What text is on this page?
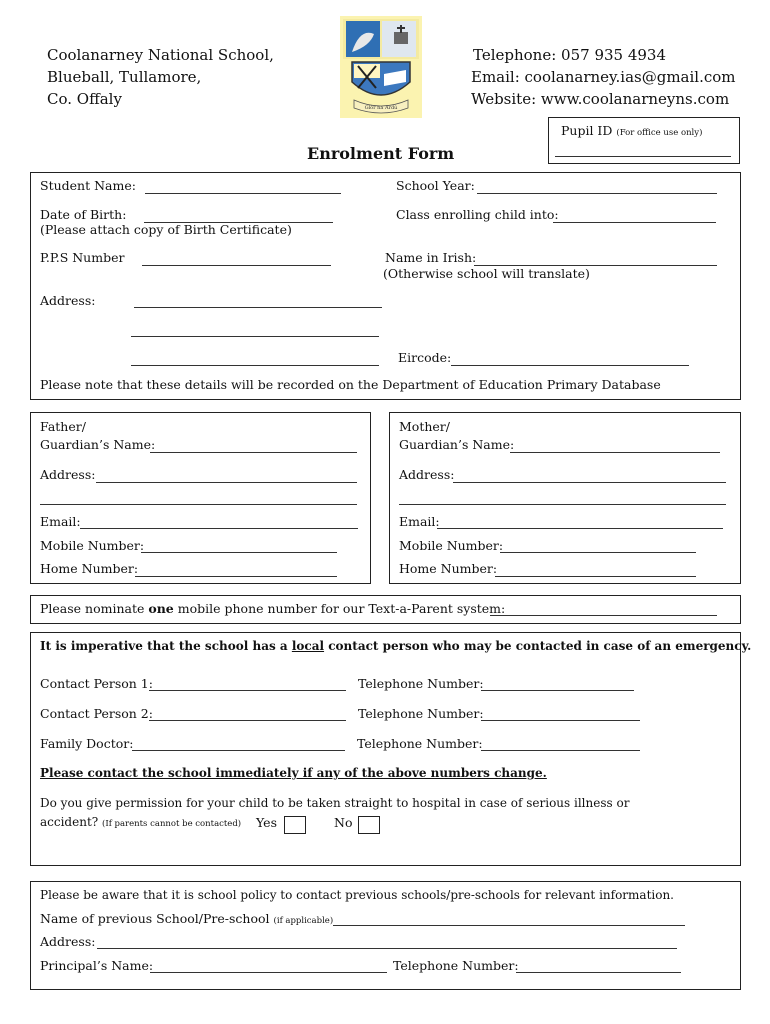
Coolanarney National School,
Blueball, Tullamore,
Co. Offaly	Glór na Ardú
Telephone: 057 935 4934
Email: coolanarney.ias@gmail.com
Website: www.coolanarneyns.com
Pupil ID (For office use only)
Enrolment Form
Student Name:	School Year:
Date of Birth:
(Please attach copy of Birth Certificate)
Class enrolling child into:
P.P.S Number	Name in Irish:
(Otherwise school will translate)
Address:
Eircode:
Please note that these details will be recorded on the Department of Education Primary Database
Father/
Guardian’s Name:
Address:
Email:
Mobile Number:
Home Number:
Mother/
Guardian’s Name:
Address:
Email:
Mobile Number:
Home Number:
Please nominate one mobile phone number for our Text-a-Parent system:
It is imperative that the school has a local contact person who may be contacted in case of an emergency.
Contact Person 1:	Telephone Number:
Contact Person 2:	Telephone Number:
Family Doctor:	Telephone Number:
Please contact the school immediately if any of the above numbers change.
Do you give permission for your child to be taken straight to hospital in case of serious illness or
accident? (If parents cannot be contacted) Yes	No
Please be aware that it is school policy to contact previous schools/pre-schools for relevant information.
Name of previous School/Pre-school (if applicable)
Address:
Principal’s Name:	Telephone Number:
